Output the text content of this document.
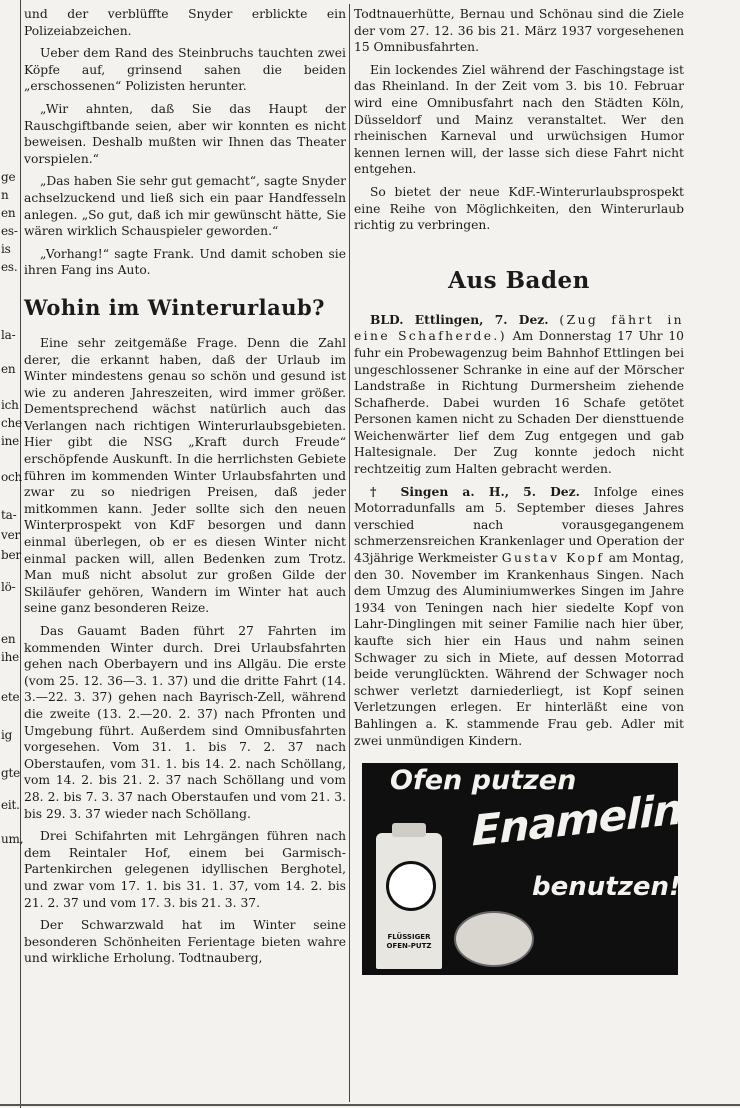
ge

n

en

es-

is

es.

la-

en

ich

che

ine

och

ta-

ver

ber

lö-

en

ihe

ete

ig

gte

eit.

um,

und der verblüffte Snyder erblickte ein Polizeiabzeichen.

Ueber dem Rand des Steinbruchs tauchten zwei Köpfe auf, grinsend sahen die beiden „erschossenen“ Polizisten herunter.

„Wir ahnten, daß Sie das Haupt der Rauschgiftbande seien, aber wir konnten es nicht beweisen. Deshalb mußten wir Ihnen das Theater vorspielen.“

„Das haben Sie sehr gut gemacht“, sagte Snyder achselzuckend und ließ sich ein paar Handfesseln anlegen. „So gut, daß ich mir gewünscht hätte, Sie wären wirklich Schauspieler geworden.“

„Vorhang!“ sagte Frank. Und damit schoben sie ihren Fang ins Auto.

Wohin im Winterurlaub?

Eine sehr zeitgemäße Frage. Denn die Zahl derer, die erkannt haben, daß der Urlaub im Winter mindestens genau so schön und gesund ist wie zu anderen Jahreszeiten, wird immer größer. Dementsprechend wächst natürlich auch das Verlangen nach richtigen Winterurlaubsgebieten. Hier gibt die NSG „Kraft durch Freude“ erschöpfende Auskunft. In die herrlichsten Gebiete führen im kommenden Winter Urlaubsfahrten und zwar zu so niedrigen Preisen, daß jeder mitkommen kann. Jeder sollte sich den neuen Winterprospekt von KdF besorgen und dann einmal überlegen, ob er es diesen Winter nicht einmal packen will, allen Bedenken zum Trotz. Man muß nicht absolut zur großen Gilde der Skiläufer gehören, Wandern im Winter hat auch seine ganz besonderen Reize.

Das Gauamt Baden führt 27 Fahrten im kommenden Winter durch. Drei Urlaubsfahrten gehen nach Oberbayern und ins Allgäu. Die erste (vom 25. 12. 36—3. 1. 37) und die dritte Fahrt (14. 3.—22. 3. 37) gehen nach Bayrisch-Zell, während die zweite (13. 2.—20. 2. 37) nach Pfronten und Umgebung führt. Außerdem sind Omnibusfahrten vorgesehen. Vom 31. 1. bis 7. 2. 37 nach Oberstaufen, vom 31. 1. bis 14. 2. nach Schöllang, vom 14. 2. bis 21. 2. 37 nach Schöllang und vom 28. 2. bis 7. 3. 37 nach Oberstaufen und vom 21. 3. bis 29. 3. 37 wieder nach Schöllang.

Drei Schifahrten mit Lehrgängen führen nach dem Reintaler Hof, einem bei Garmisch-Partenkirchen gelegenen idyllischen Berghotel, und zwar vom 17. 1. bis 31. 1. 37, vom 14. 2. bis 21. 2. 37 und vom 17. 3. bis 21. 3. 37.

Der Schwarzwald hat im Winter seine besonderen Schönheiten Ferientage bieten wahre und wirkliche Erholung. Todtnauberg,

Todtnauerhütte, Bernau und Schönau sind die Ziele der vom 27. 12. 36 bis 21. März 1937 vorgesehenen 15 Omnibusfahrten.

Ein lockendes Ziel während der Faschingstage ist das Rheinland. In der Zeit vom 3. bis 10. Februar wird eine Omnibusfahrt nach den Städten Köln, Düsseldorf und Mainz veranstaltet. Wer den rheinischen Karneval und urwüchsigen Humor kennen lernen will, der lasse sich diese Fahrt nicht entgehen.

So bietet der neue KdF.-Winterurlaubsprospekt eine Reihe von Möglichkeiten, den Winterurlaub richtig zu verbringen.

Aus Baden

BLD. Ettlingen, 7. Dez. (Zug fährt in eine Schafherde.) Am Donnerstag 17 Uhr 10 fuhr ein Probewagenzug beim Bahnhof Ettlingen bei ungeschlossener Schranke in eine auf der Mörscher Landstraße in Richtung Durmersheim ziehende Schafherde. Dabei wurden 16 Schafe getötet Personen kamen nicht zu Schaden Der diensttuende Weichenwärter lief dem Zug entgegen und gab Haltesignale. Der Zug konnte jedoch nicht rechtzeitig zum Halten gebracht werden.

† Singen a. H., 5. Dez. Infolge eines Motorradunfalls am 5. September dieses Jahres verschied nach vorausgegangenem schmerzensreichen Krankenlager und Operation der 43jährige Werkmeister Gustav Kopf am Montag, den 30. November im Krankenhaus Singen. Nach dem Umzug des Aluminiumwerkes Singen im Jahre 1934 von Teningen nach hier siedelte Kopf von Lahr-Dinglingen mit seiner Familie nach hier über, kaufte sich hier ein Haus und nahm seinen Schwager zu sich in Miete, auf dessen Motorrad beide verunglückten. Während der Schwager noch schwer verletzt darniederliegt, ist Kopf seinen Verletzungen erlegen. Er hinterläßt eine von Bahlingen a. K. stammende Frau geb. Adler mit zwei unmündigen Kindern.

Ofen putzen
Enameline
benutzen!
FLÜSSIGER OFEN-PUTZ
